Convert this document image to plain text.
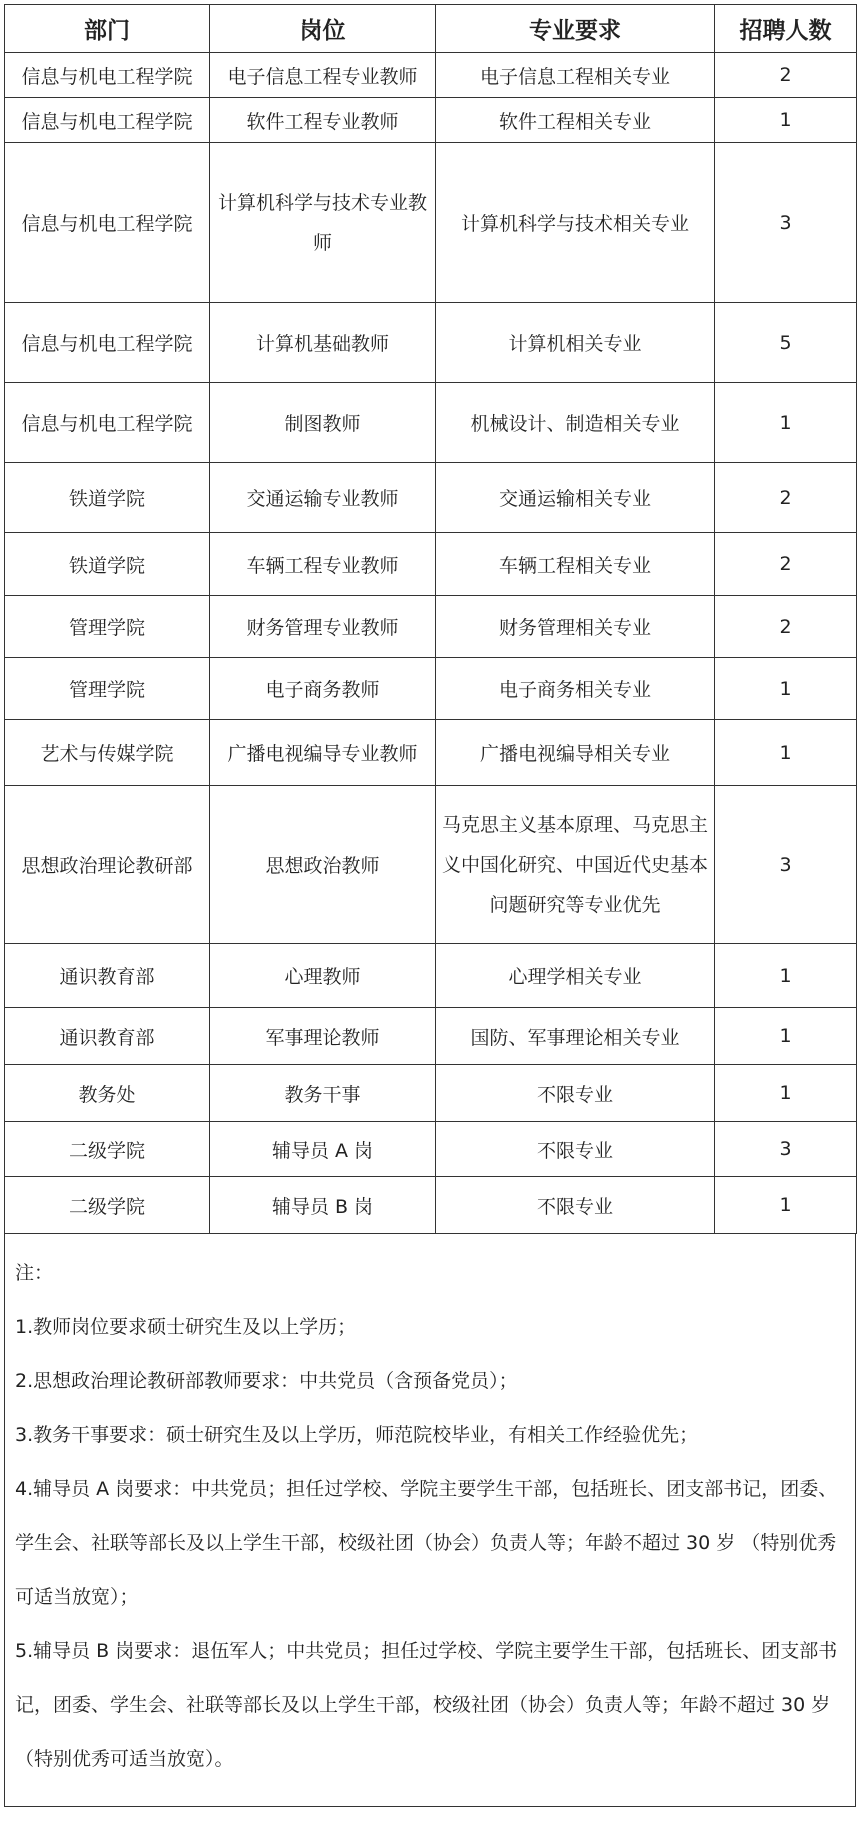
部门	岗位	专业要求	招聘人数
信息与机电工程学院	电子信息工程专业教师	电子信息工程相关专业	2
信息与机电工程学院	软件工程专业教师	软件工程相关专业	1
信息与机电工程学院	计算机科学与技术专业教师	计算机科学与技术相关专业	3
信息与机电工程学院	计算机基础教师	计算机相关专业	5
信息与机电工程学院	制图教师	机械设计、制造相关专业	1
铁道学院	交通运输专业教师	交通运输相关专业	2
铁道学院	车辆工程专业教师	车辆工程相关专业	2
管理学院	财务管理专业教师	财务管理相关专业	2
管理学院	电子商务教师	电子商务相关专业	1
艺术与传媒学院	广播电视编导专业教师	广播电视编导相关专业	1
思想政治理论教研部	思想政治教师	马克思主义基本原理、马克思主义中国化研究、中国近代史基本问题研究等专业优先	3
通识教育部	心理教师	心理学相关专业	1
通识教育部	军事理论教师	国防、军事理论相关专业	1
教务处	教务干事	不限专业	1
二级学院	辅导员 A 岗	不限专业	3
二级学院	辅导员 B 岗	不限专业	1

注：

1.教师岗位要求硕士研究生及以上学历；

2.思想政治理论教研部教师要求：中共党员（含预备党员）；

3.教务干事要求：硕士研究生及以上学历，师范院校毕业，有相关工作经验优先；

4.辅导员 A 岗要求：中共党员；担任过学校、学院主要学生干部，包括班长、团支部书记，团委、学生会、社联等部长及以上学生干部，校级社团（协会）负责人等；年龄不超过 30 岁 （特别优秀可适当放宽）；

5.辅导员 B 岗要求：退伍军人；中共党员；担任过学校、学院主要学生干部，包括班长、团支部书记，团委、学生会、社联等部长及以上学生干部，校级社团（协会）负责人等；年龄不超过 30 岁 （特别优秀可适当放宽）。
